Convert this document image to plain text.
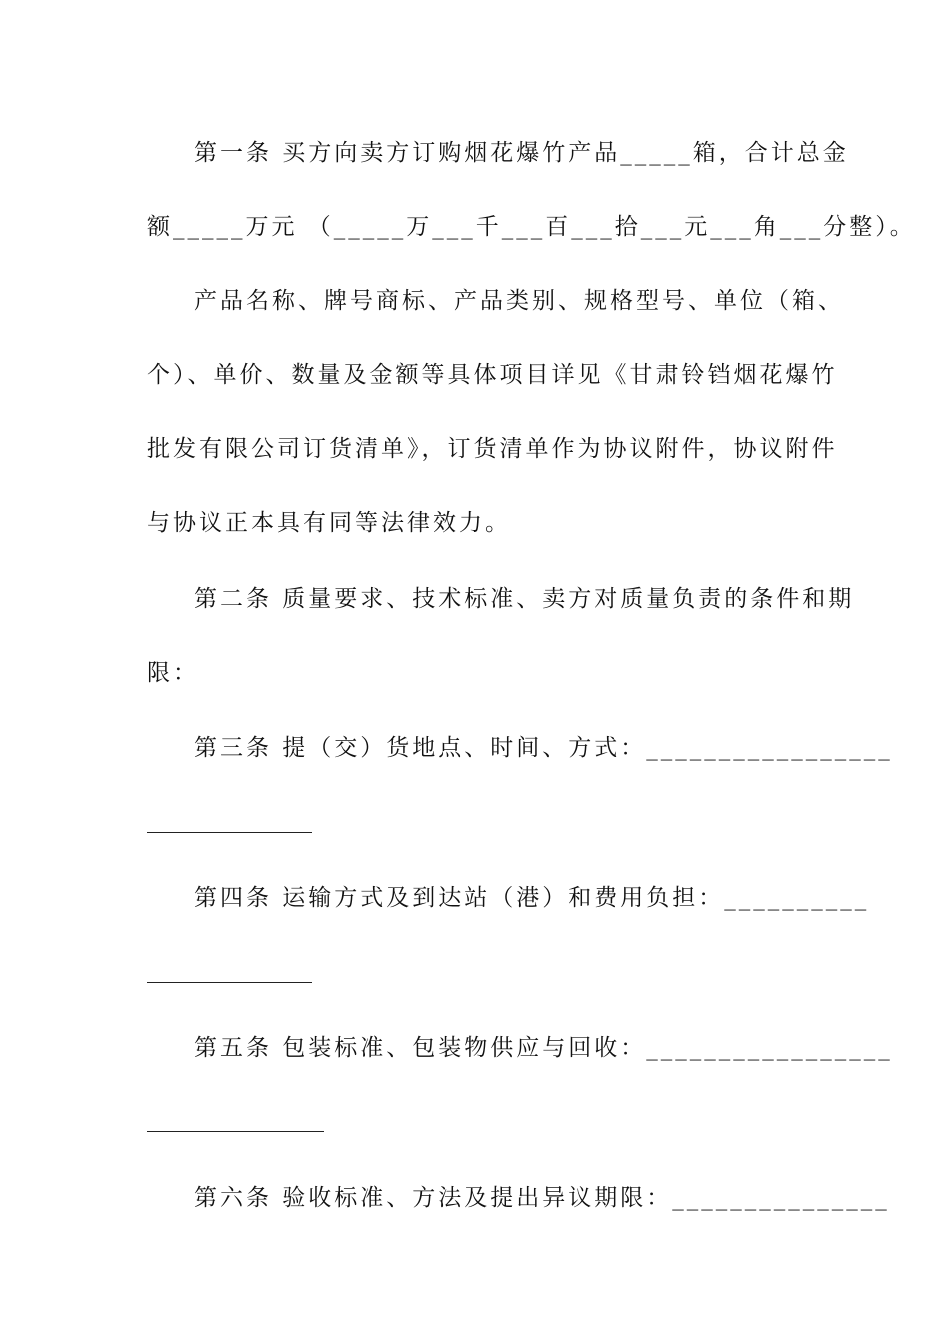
第一条 买方向卖方订购烟花爆竹产品_____箱，合计总金
额_____万元 （_____万___千___百___拾___元___角___分整）。
产品名称、牌号商标、产品类别、规格型号、单位（箱、
个）、单价、数量及金额等具体项目详见《甘肃铃铛烟花爆竹
批发有限公司订货清单》，订货清单作为协议附件，协议附件
与协议正本具有同等法律效力。
第二条 质量要求、技术标准、卖方对质量负责的条件和期
限：
第三条 提（交）货地点、时间、方式：_________________
第四条 运输方式及到达站（港）和费用负担：__________
第五条 包装标准、包装物供应与回收：_________________
第六条 验收标准、方法及提出异议期限：_______________
